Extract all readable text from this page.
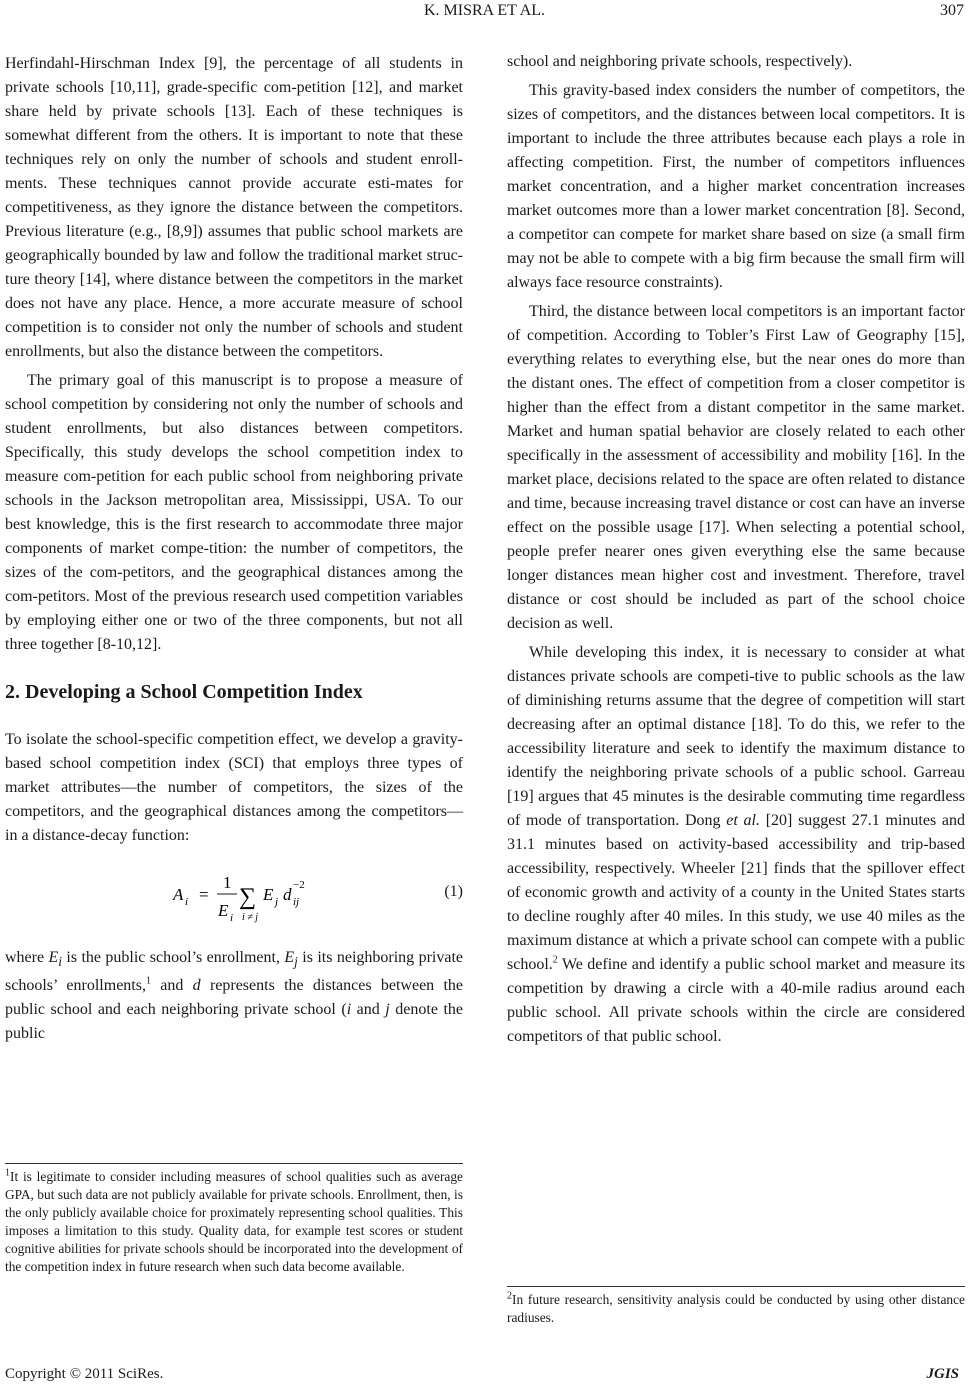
K. MISRA ET AL.	307

Herfindahl-Hirschman Index [9], the percentage of all students in private schools [10,11], grade-specific com-petition [12], and market share held by private schools [13]. Each of these techniques is somewhat different from the others. It is important to note that these techniques rely on only the number of schools and student enroll-ments. These techniques cannot provide accurate esti-mates for competitiveness, as they ignore the distance between the competitors. Previous literature (e.g., [8,9]) assumes that public school markets are geographically bounded by law and follow the traditional market struc-ture theory [14], where distance between the competitors in the market does not have any place. Hence, a more accurate measure of school competition is to consider not only the number of schools and student enrollments, but also the distance between the competitors.

The primary goal of this manuscript is to propose a measure of school competition by considering not only the number of schools and student enrollments, but also distances between competitors. Specifically, this study develops the school competition index to measure com-petition for each public school from neighboring private schools in the Jackson metropolitan area, Mississippi, USA. To our best knowledge, this is the first research to accommodate three major components of market compe-tition: the number of competitors, the sizes of the com-petitors, and the geographical distances among the com-petitors. Most of the previous research used competition variables by employing either one or two of the three components, but not all three together [8-10,12].

2. Developing a School Competition Index

To isolate the school-specific competition effect, we develop a gravity-based school competition index (SCI) that employs three types of market attributes—the number of competitors, the sizes of the competitors, and the geographical distances among the competitors—in a distance-decay function:

A i =
1
E i
∑
i ≠ j
E j d ij
−2	(1)

where $E_i$ is the public school’s enrollment, $E_j$ is its neighboring private schools’ enrollments,$^1$ and d represents the distances between the public school and each neighboring private school (i and j denote the public

$^1$It is legitimate to consider including measures of school qualities such as average GPA, but such data are not publicly available for private schools. Enrollment, then, is the only publicly available choice for proximately representing school qualities. This imposes a limitation to this study. Quality data, for example test scores or student cognitive abilities for private schools should be incorporated into the development of the competition index in future research when such data become available.

school and neighboring private schools, respectively).

This gravity-based index considers the number of competitors, the sizes of competitors, and the distances between local competitors. It is important to include the three attributes because each plays a role in affecting competition. First, the number of competitors influences market concentration, and a higher market concentration increases market outcomes more than a lower market concentration [8]. Second, a competitor can compete for market share based on size (a small firm may not be able to compete with a big firm because the small firm will always face resource constraints).

Third, the distance between local competitors is an important factor of competition. According to Tobler’s First Law of Geography [15], everything relates to everything else, but the near ones do more than the distant ones. The effect of competition from a closer competitor is higher than the effect from a distant competitor in the same market. Market and human spatial behavior are closely related to each other specifically in the assessment of accessibility and mobility [16]. In the market place, decisions related to the space are often related to distance and time, because increasing travel distance or cost can have an inverse effect on the possible usage [17]. When selecting a potential school, people prefer nearer ones given everything else the same because longer distances mean higher cost and investment. Therefore, travel distance or cost should be included as part of the school choice decision as well.

While developing this index, it is necessary to consider at what distances private schools are competi-tive to public schools as the law of diminishing returns assume that the degree of competition will start decreasing after an optimal distance [18]. To do this, we refer to the accessibility literature and seek to identify the maximum distance to identify the neighboring private schools of a public school. Garreau [19] argues that 45 minutes is the desirable commuting time regardless of mode of transportation. Dong et al. [20] suggest 27.1 minutes and 31.1 minutes based on activity-based accessibility and trip-based accessibility, respectively. Wheeler [21] finds that the spillover effect of economic growth and activity of a county in the United States starts to decline roughly after 40 miles. In this study, we use 40 miles as the maximum distance at which a private school can compete with a public school.$^2$ We define and identify a public school market and measure its competition by drawing a circle with a 40-mile radius around each public school. All private schools within the circle are considered competitors of that public school.

$^2$In future research, sensitivity analysis could be conducted by using other distance radiuses.
Copyright © 2011 SciRes.	JGIS
